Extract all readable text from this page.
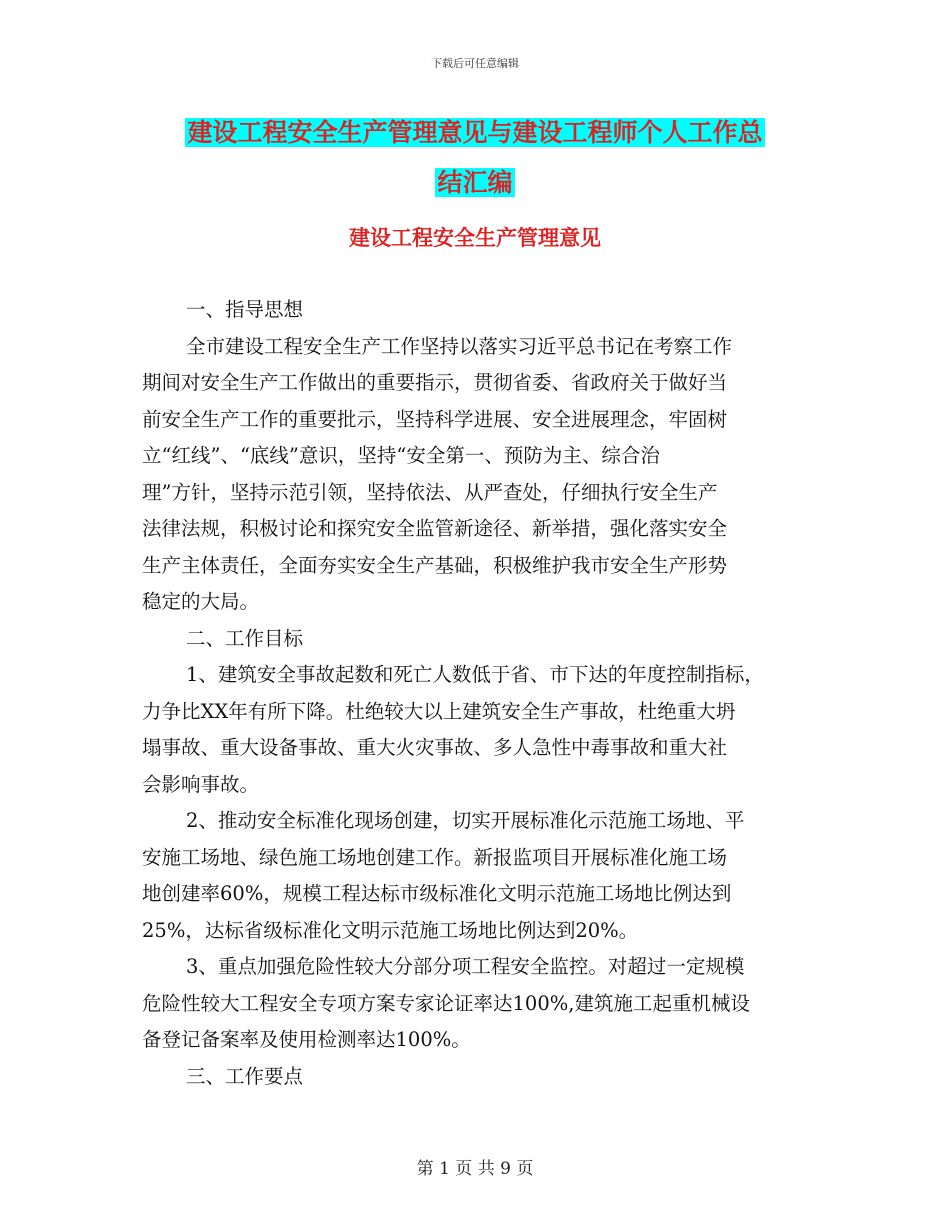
下载后可任意编辑
建设工程安全生产管理意见与建设工程师个人工作总
结汇编
建设工程安全生产管理意见
一、指导思想
全市建设工程安全生产工作坚持以落实习近平总书记在考察工作
期间对安全生产工作做出的重要指示，贯彻省委、省政府关于做好当
前安全生产工作的重要批示，坚持科学进展、安全进展理念，牢固树
立“红线”、“底线”意识，坚持“安全第一、预防为主、综合治
理”方针，坚持示范引领，坚持依法、从严查处，仔细执行安全生产
法律法规，积极讨论和探究安全监管新途径、新举措，强化落实安全
生产主体责任，全面夯实安全生产基础，积极维护我市安全生产形势
稳定的大局。
二、工作目标
1、建筑安全事故起数和死亡人数低于省、市下达的年度控制指标，
力争比XX年有所下降。杜绝较大以上建筑安全生产事故，杜绝重大坍
塌事故、重大设备事故、重大火灾事故、多人急性中毒事故和重大社
会影响事故。
2、推动安全标准化现场创建，切实开展标准化示范施工场地、平
安施工场地、绿色施工场地创建工作。新报监项目开展标准化施工场
地创建率60%，规模工程达标市级标准化文明示范施工场地比例达到
25%，达标省级标准化文明示范施工场地比例达到20%。
3、重点加强危险性较大分部分项工程安全监控。对超过一定规模
危险性较大工程安全专项方案专家论证率达100%,建筑施工起重机械设
备登记备案率及使用检测率达100%。
三、工作要点
第 1 页 共 9 页
